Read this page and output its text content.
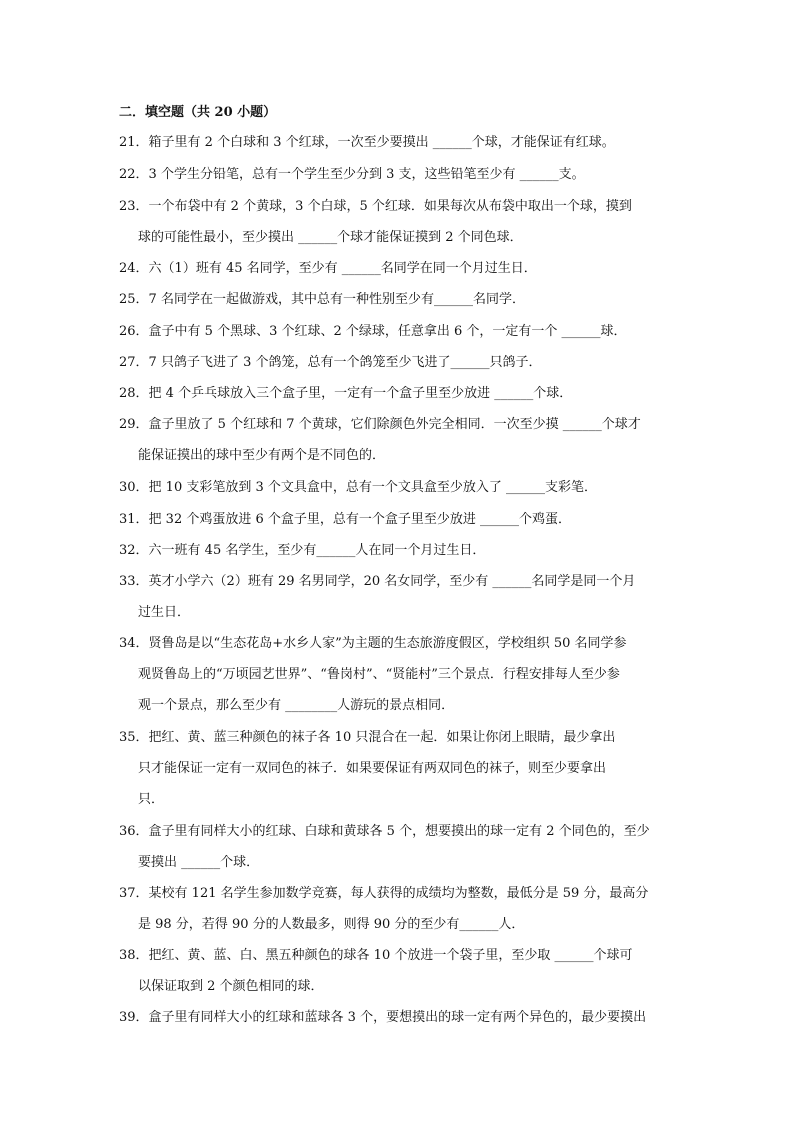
二．填空题（共 20 小题）
21．箱子里有 2 个白球和 3 个红球，一次至少要摸出 ______个球，才能保证有红球。
22．3 个学生分铅笔，总有一个学生至少分到 3 支，这些铅笔至少有 ______支。
23．一个布袋中有 2 个黄球，3 个白球，5 个红球．如果每次从布袋中取出一个球，摸到
球的可能性最小，至少摸出 ______个球才能保证摸到 2 个同色球．
24．六（1）班有 45 名同学，至少有 ______名同学在同一个月过生日．
25．7 名同学在一起做游戏，其中总有一种性别至少有______名同学．
26．盒子中有 5 个黑球、3 个红球、2 个绿球，任意拿出 6 个，一定有一个 ______球．
27．7 只鸽子飞进了 3 个鸽笼，总有一个鸽笼至少飞进了______只鸽子．
28．把 4 个乒乓球放入三个盒子里，一定有一个盒子里至少放进 ______个球．
29．盒子里放了 5 个红球和 7 个黄球，它们除颜色外完全相同．一次至少摸 ______个球才
能保证摸出的球中至少有两个是不同色的．
30．把 10 支彩笔放到 3 个文具盒中，总有一个文具盒至少放入了 ______支彩笔．
31．把 32 个鸡蛋放进 6 个盒子里，总有一个盒子里至少放进 ______个鸡蛋．
32．六一班有 45 名学生，至少有______人在同一个月过生日．
33．英才小学六（2）班有 29 名男同学，20 名女同学，至少有 ______名同学是同一个月
过生日．
34．贤鲁岛是以“生态花岛+水乡人家”为主题的生态旅游度假区，学校组织 50 名同学参
观贤鲁岛上的“万顷园艺世界”、“鲁岗村”、“贤能村”三个景点．行程安排每人至少参
观一个景点，那么至少有 ________人游玩的景点相同．
35．把红、黄、蓝三种颜色的袜子各 10 只混合在一起．如果让你闭上眼睛，最少拿出
只才能保证一定有一双同色的袜子．如果要保证有两双同色的袜子，则至少要拿出
只．
36．盒子里有同样大小的红球、白球和黄球各 5 个，想要摸出的球一定有 2 个同色的，至少
要摸出 ______个球．
37．某校有 121 名学生参加数学竞赛，每人获得的成绩均为整数，最低分是 59 分，最高分
是 98 分，若得 90 分的人数最多，则得 90 分的至少有______人．
38．把红、黄、蓝、白、黑五种颜色的球各 10 个放进一个袋子里，至少取 ______个球可
以保证取到 2 个颜色相同的球．
39．盒子里有同样大小的红球和蓝球各 3 个，要想摸出的球一定有两个异色的，最少要摸出
